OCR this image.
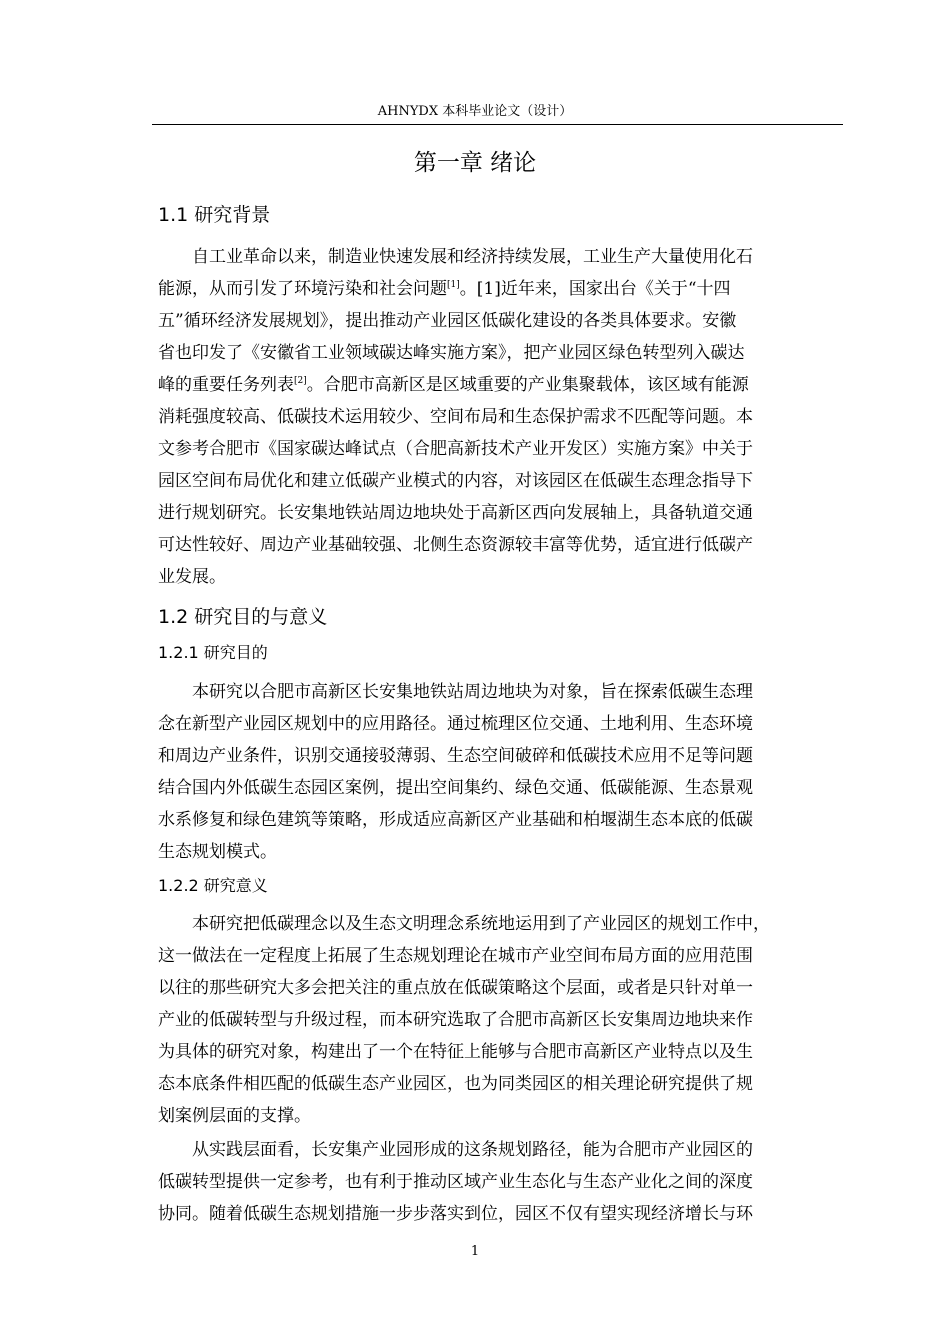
AHNYDX 本科毕业论文（设计）
第一章 绪论
1.1 研究背景
自工业革命以来，制造业快速发展和经济持续发展，工业生产大量使用化石
能源，从而引发了环境污染和社会问题[1]。[1]近年来，国家出台《关于“十四
五”循环经济发展规划》，提出推动产业园区低碳化建设的各类具体要求。安徽
省也印发了《安徽省工业领域碳达峰实施方案》，把产业园区绿色转型列入碳达
峰的重要任务列表[2]。合肥市高新区是区域重要的产业集聚载体，该区域有能源
消耗强度较高、低碳技术运用较少、空间布局和生态保护需求不匹配等问题。本
文参考合肥市《国家碳达峰试点（合肥高新技术产业开发区）实施方案》中关于
园区空间布局优化和建立低碳产业模式的内容，对该园区在低碳生态理念指导下
进行规划研究。长安集地铁站周边地块处于高新区西向发展轴上，具备轨道交通
可达性较好、周边产业基础较强、北侧生态资源较丰富等优势，适宜进行低碳产
业发展。
1.2 研究目的与意义
1.2.1 研究目的
本研究以合肥市高新区长安集地铁站周边地块为对象，旨在探索低碳生态理
念在新型产业园区规划中的应用路径。通过梳理区位交通、土地利用、生态环境
和周边产业条件，识别交通接驳薄弱、生态空间破碎和低碳技术应用不足等问题
结合国内外低碳生态园区案例，提出空间集约、绿色交通、低碳能源、生态景观
水系修复和绿色建筑等策略，形成适应高新区产业基础和柏堰湖生态本底的低碳
生态规划模式。
1.2.2 研究意义
本研究把低碳理念以及生态文明理念系统地运用到了产业园区的规划工作中，
这一做法在一定程度上拓展了生态规划理论在城市产业空间布局方面的应用范围
以往的那些研究大多会把关注的重点放在低碳策略这个层面，或者是只针对单一
产业的低碳转型与升级过程，而本研究选取了合肥市高新区长安集周边地块来作
为具体的研究对象，构建出了一个在特征上能够与合肥市高新区产业特点以及生
态本底条件相匹配的低碳生态产业园区，也为同类园区的相关理论研究提供了规
划案例层面的支撑。
从实践层面看，长安集产业园形成的这条规划路径，能为合肥市产业园区的
低碳转型提供一定参考，也有利于推动区域产业生态化与生态产业化之间的深度
协同。随着低碳生态规划措施一步步落实到位，园区不仅有望实现经济增长与环
1
